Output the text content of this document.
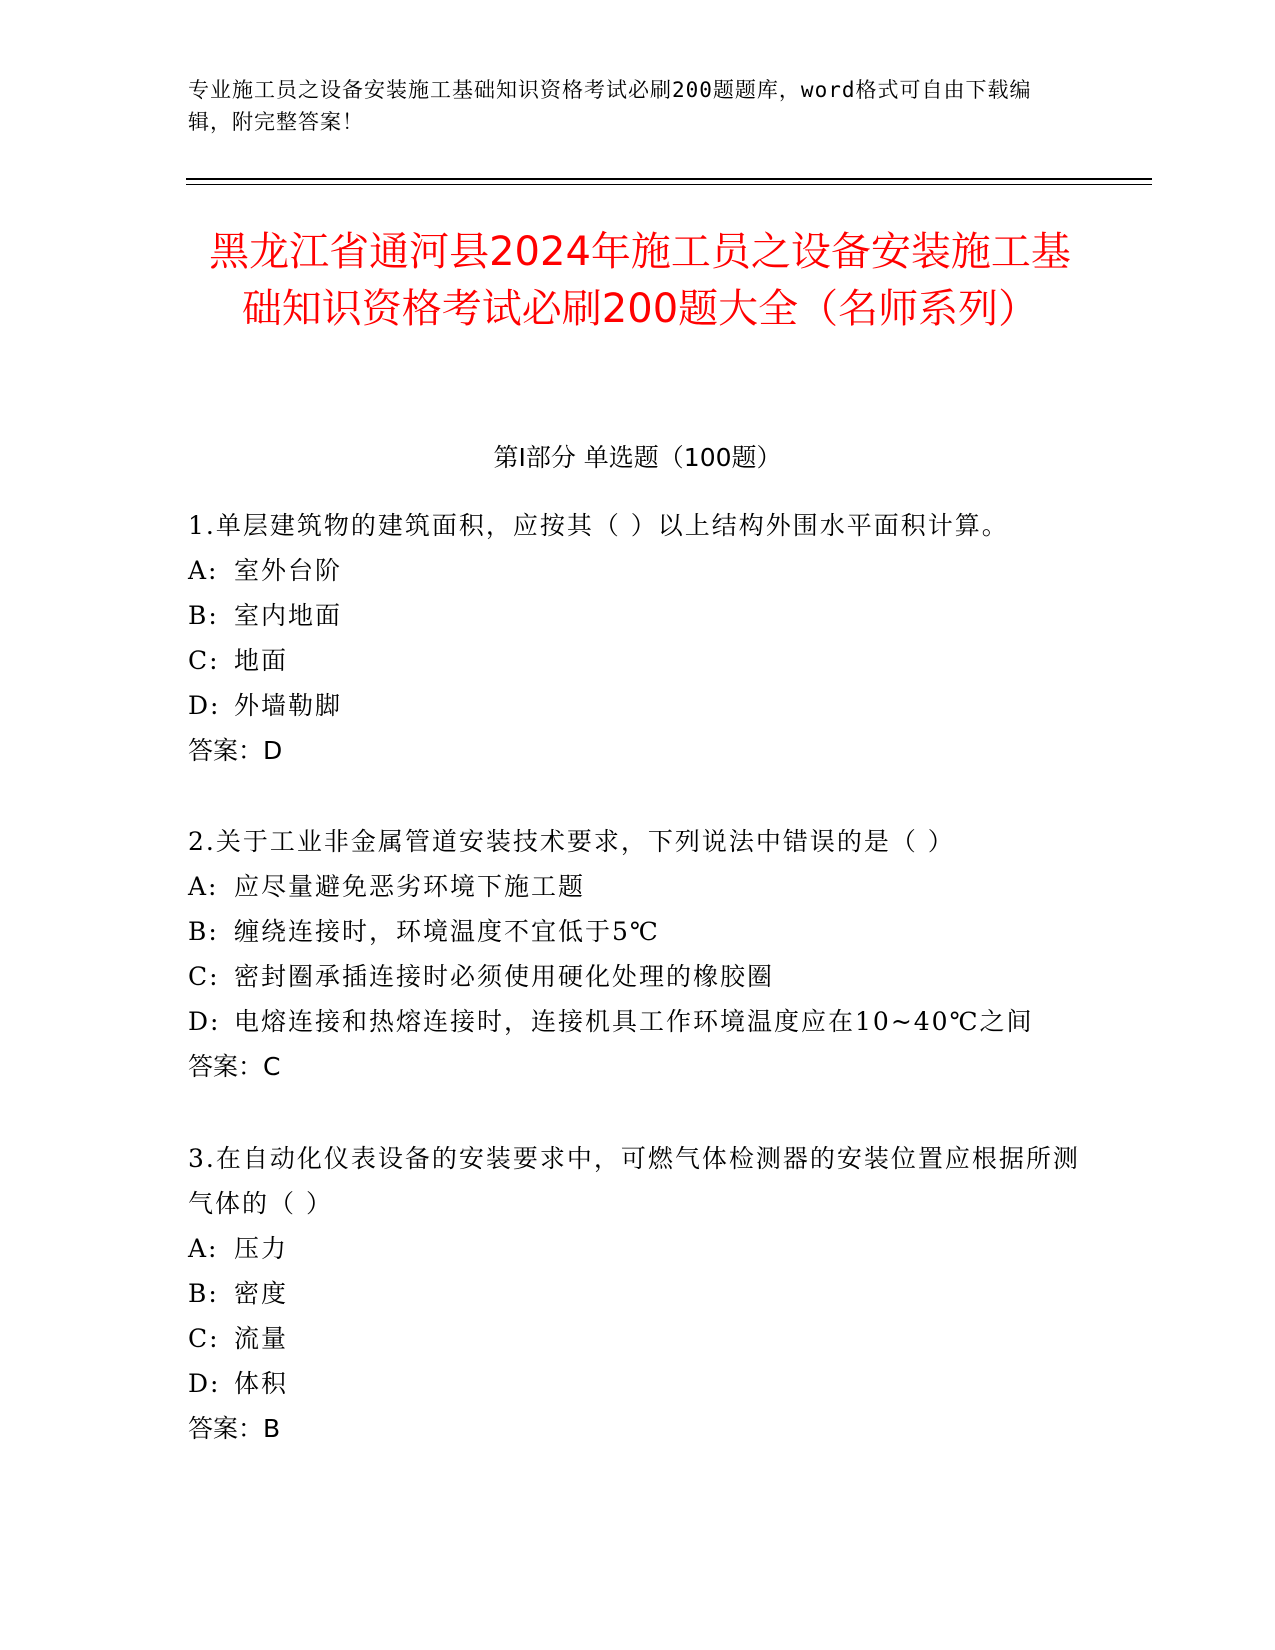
专业施工员之设备安装施工基础知识资格考试必刷200题题库，word格式可自由下载编辑，附完整答案！
黑龙江省通河县2024年施工员之设备安装施工基础知识资格考试必刷200题大全（名师系列）
第I部分 单选题（100题）
1.单层建筑物的建筑面积，应按其（ ）以上结构外围水平面积计算。
A: 室外台阶
B: 室内地面
C: 地面
D: 外墙勒脚
答案：D
2.关于工业非金属管道安装技术要求，下列说法中错误的是（ ）
A: 应尽量避免恶劣环境下施工题
B: 缠绕连接时，环境温度不宜低于5℃
C: 密封圈承插连接时必须使用硬化处理的橡胶圈
D: 电熔连接和热熔连接时，连接机具工作环境温度应在10~40℃之间
答案：C
3.在自动化仪表设备的安装要求中，可燃气体检测器的安装位置应根据所测气体的（ ）
A: 压力
B: 密度
C: 流量
D: 体积
答案：B
